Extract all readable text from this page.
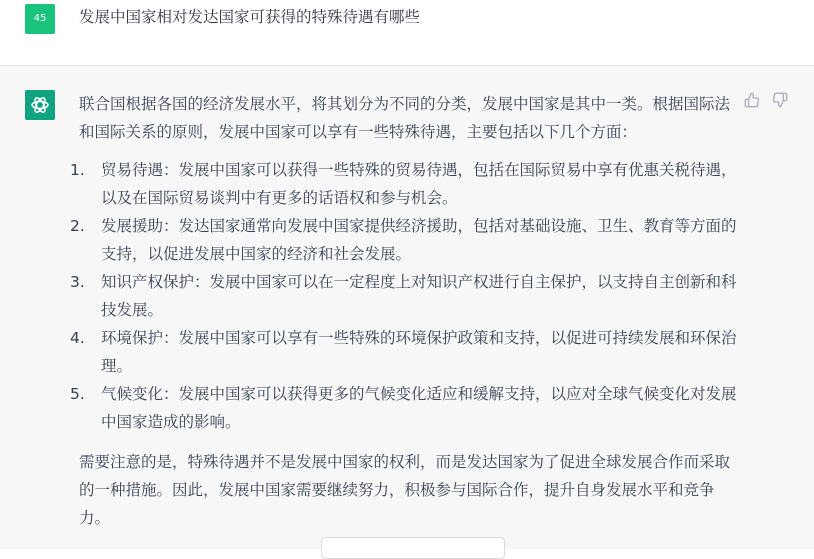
45	发展中国家相对发达国家可获得的特殊待遇有哪些

联合国根据各国的经济发展水平，将其划分为不同的分类，发展中国家是其中一类。根据国际法和国际关系的原则，发展中国家可以享有一些特殊待遇，主要包括以下几个方面：

1.	贸易待遇：发展中国家可以获得一些特殊的贸易待遇，包括在国际贸易中享有优惠关税待遇，以及在国际贸易谈判中有更多的话语权和参与机会。
2.	发展援助：发达国家通常向发展中国家提供经济援助，包括对基础设施、卫生、教育等方面的支持，以促进发展中国家的经济和社会发展。
3.	知识产权保护：发展中国家可以在一定程度上对知识产权进行自主保护，以支持自主创新和科技发展。
4.	环境保护：发展中国家可以享有一些特殊的环境保护政策和支持，以促进可持续发展和环保治理。
5.	气候变化：发展中国家可以获得更多的气候变化适应和缓解支持，以应对全球气候变化对发展中国家造成的影响。

需要注意的是，特殊待遇并不是发展中国家的权利，而是发达国家为了促进全球发展合作而采取的一种措施。因此，发展中国家需要继续努力，积极参与国际合作，提升自身发展水平和竞争力。
